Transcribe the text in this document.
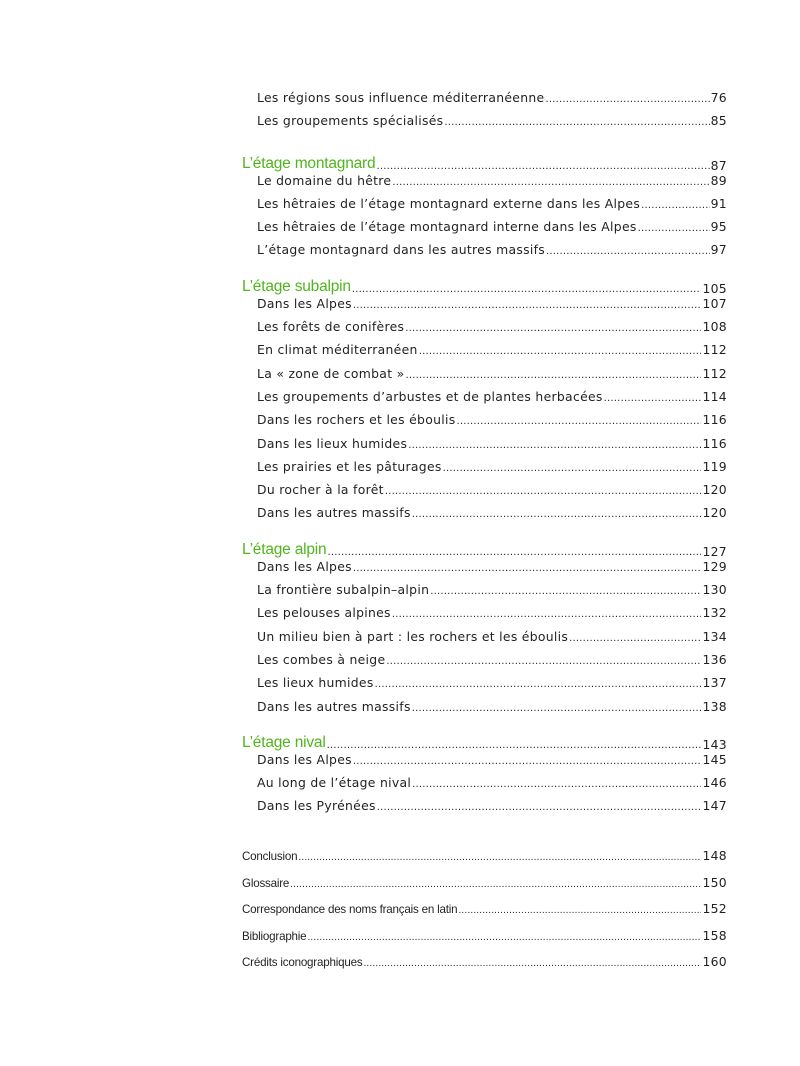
Les régions sous influence méditerranéenne .....	76
Les groupements spécialisés .....	85
L’étage montagnard .....	87
Le domaine du hêtre .....	89
Les hêtraies de l’étage montagnard externe dans les Alpes .....	91
Les hêtraies de l’étage montagnard interne dans les Alpes .....	95
L’étage montagnard dans les autres massifs .....	97
L’étage subalpin .....	105
Dans les Alpes .....	107
Les forêts de conifères .....	108
En climat méditerranéen .....	112
La « zone de combat » .....	112
Les groupements d’arbustes et de plantes herbacées .....	114
Dans les rochers et les éboulis .....	116
Dans les lieux humides .....	116
Les prairies et les pâturages .....	119
Du rocher à la forêt .....	120
Dans les autres massifs .....	120
L’étage alpin .....	127
Dans les Alpes .....	129
La frontière subalpin–alpin .....	130
Les pelouses alpines .....	132
Un milieu bien à part : les rochers et les éboulis .....	134
Les combes à neige .....	136
Les lieux humides .....	137
Dans les autres massifs .....	138
L’étage nival .....	143
Dans les Alpes .....	145
Au long de l’étage nival .....	146
Dans les Pyrénées .....	147
Conclusion .....	148
Glossaire .....	150
Correspondance des noms français en latin .....	152
Bibliographie .....	158
Crédits iconographiques .....	160
